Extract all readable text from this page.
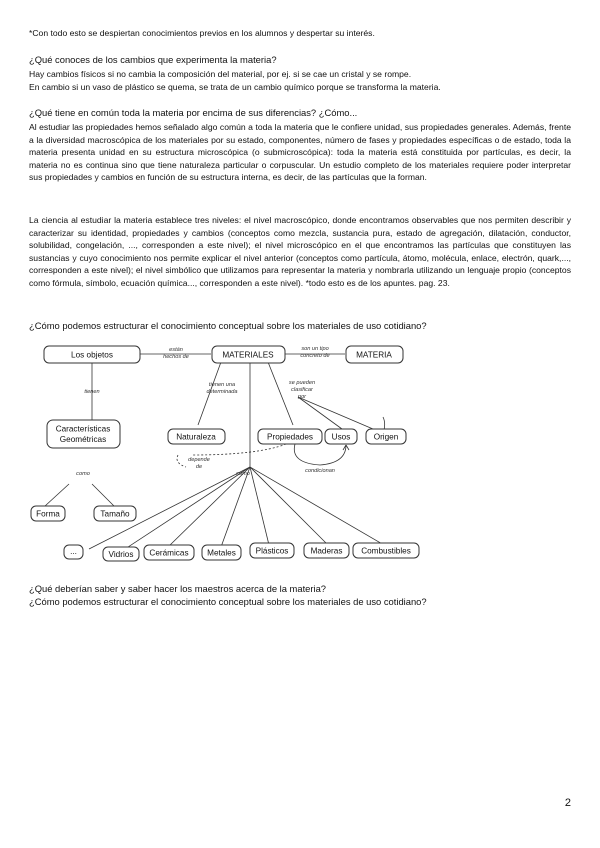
*Con todo esto se despiertan conocimientos previos en los alumnos y despertar su interés.

¿Qué conoces de los cambios que experimenta la materia?

Hay cambios físicos si no cambia la composición del material, por ej. si se cae un cristal y se rompe.

En cambio si un vaso de plástico se quema, se trata de un cambio químico porque se transforma la materia.

¿Qué tiene en común toda la materia por encima de sus diferencias? ¿Cómo...

Al estudiar las propiedades hemos señalado algo común a toda la materia que le confiere unidad, sus propiedades generales. Además, frente a la diversidad macroscópica de los materiales por su estado, componentes, número de fases y propiedades específicas o de estado, toda la materia presenta unidad en su estructura microscópica (o submicroscópica): toda la materia está constituida por partículas, es decir, la materia no es continua sino que tiene naturaleza particular o corpuscular. Un estudio completo de los materiales requiere poder interpretar sus propiedades y cambios en función de su estructura interna, es decir, de las partículas que la forman.

La ciencia al estudiar la materia establece tres niveles: el nivel macroscópico, donde encontramos observables que nos permiten describir y caracterizar su identidad, propiedades y cambios (conceptos como mezcla, sustancia pura, estado de agregación, dilatación, conductor, solubilidad, congelación, ..., corresponden a este nivel); el nivel microscópico en el que encontramos las partículas que constituyen las sustancias y cuyo conocimiento nos permite explicar el nivel anterior (conceptos como partícula, átomo, molécula, enlace, electrón, quark,..., corresponden a este nivel); el nivel simbólico que utilizamos para representar la materia y nombrarla utilizando un lenguaje propio (conceptos como fórmula, símbolo, ecuación química..., corresponden a este nivel). *todo esto es de los apuntes. pag. 23.

¿Cómo podemos estructurar el conocimiento conceptual sobre los materiales de uso cotidiano?

Los objetos	MATERIALES	MATERIA
Características
Geométricas	Naturaleza	Propiedades Usos	Origen
Forma	Tamaño
...	Vidrios Cerámicas Metales Plásticos	Maderas Combustibles
están
hechos de
son un tipo
concreto de
tienen
tienen una
determinada
se pueden
clasificar
por
como
depende
de
como	condicionan

¿Qué deberían saber y saber hacer los maestros acerca de la materia?

¿Cómo podemos estructurar el conocimiento conceptual sobre los materiales de uso cotidiano?

2
